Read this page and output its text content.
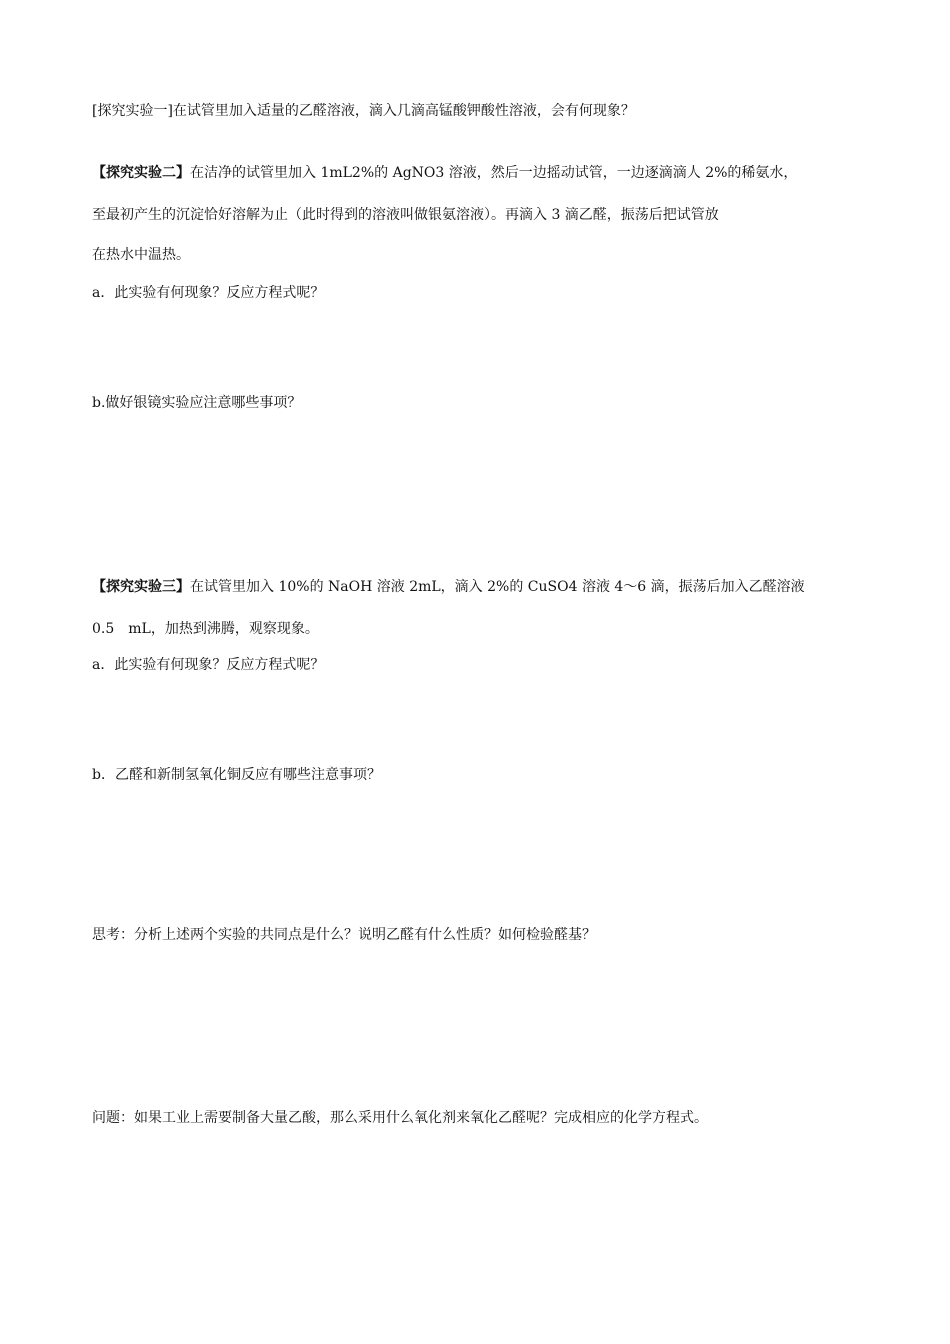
[探究实验一]在试管里加入适量的乙醛溶液，滴入几滴高锰酸钾酸性溶液，会有何现象？
【探究实验二】在洁净的试管里加入 1mL2%的 AgNO3 溶液，然后一边摇动试管，一边逐滴滴人 2%的稀氨水，
至最初产生的沉淀恰好溶解为止（此时得到的溶液叫做银氨溶液）。再滴入 3 滴乙醛，振荡后把试管放
在热水中温热。
a．此实验有何现象？反应方程式呢？
b.做好银镜实验应注意哪些事项？
【探究实验三】在试管里加入 10%的 NaOH 溶液 2mL，滴入 2%的 CuSO4 溶液 4～6 滴，振荡后加入乙醛溶液
0.5　mL，加热到沸腾，观察现象。
a．此实验有何现象？反应方程式呢？
b．乙醛和新制氢氧化铜反应有哪些注意事项？
思考：分析上述两个实验的共同点是什么？说明乙醛有什么性质？如何检验醛基？
问题：如果工业上需要制备大量乙酸，那么采用什么氧化剂来氧化乙醛呢？完成相应的化学方程式。
